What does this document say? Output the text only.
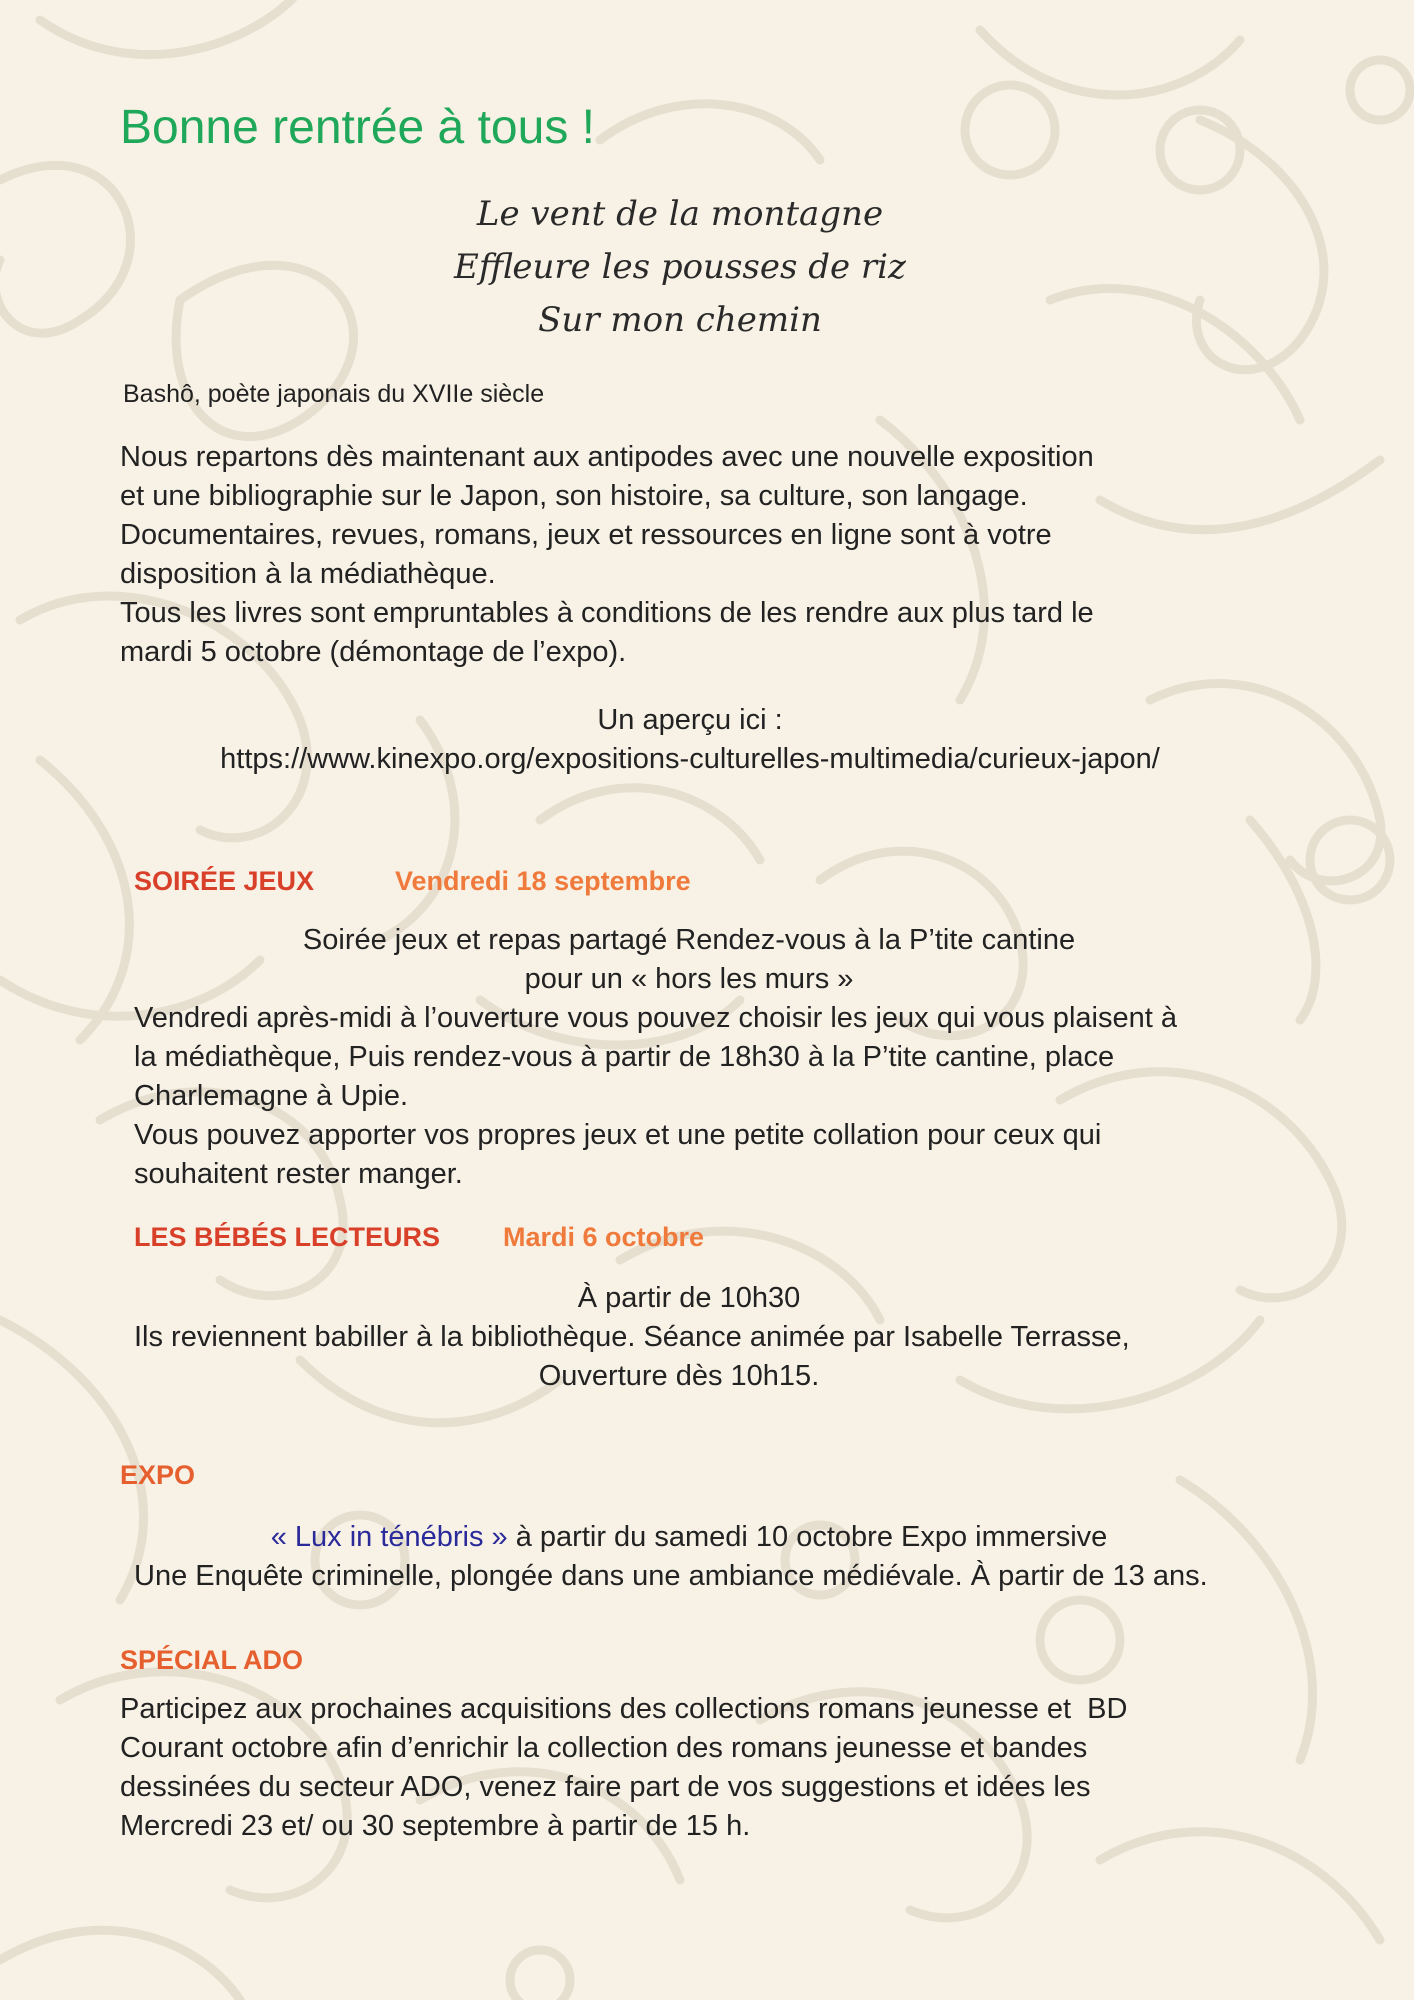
Bonne rentrée à tous !
Le vent de la montagne
Effleure les pousses de riz
Sur mon chemin

Bashô, poète japonais du XVIIe siècle

Nous repartons dès maintenant aux antipodes avec une nouvelle exposition
et une bibliographie sur le Japon, son histoire, sa culture, son langage.
Documentaires, revues, romans, jeux et ressources en ligne sont à votre
disposition à la médiathèque.
Tous les livres sont empruntables à conditions de les rendre aux plus tard le
mardi 5 octobre (démontage de l’expo).
Un aperçu ici :
https://www.kinexpo.org/expositions-culturelles-multimedia/curieux-japon/
SOIRÉE JEUX	Vendredi 18 septembre
Soirée jeux et repas partagé Rendez-vous à la P’tite cantine
pour un « hors les murs »
Vendredi après-midi à l’ouverture vous pouvez choisir les jeux qui vous plaisent à
la médiathèque, Puis rendez-vous à partir de 18h30 à la P’tite cantine, place
Charlemagne à Upie.
Vous pouvez apporter vos propres jeux et une petite collation pour ceux qui
souhaitent rester manger.
LES BÉBÉS LECTEURS Mardi 6 octobre
À partir de 10h30
Ils reviennent babiller à la bibliothèque. Séance animée par Isabelle Terrasse,
Ouverture dès 10h15.
EXPO
« Lux in ténébris » à partir du samedi 10 octobre Expo immersive
Une Enquête criminelle, plongée dans une ambiance médiévale. À partir de 13 ans.
SPÉCIAL ADO
Participez aux prochaines acquisitions des collections romans jeunesse et  BD
Courant octobre afin d’enrichir la collection des romans jeunesse et bandes
dessinées du secteur ADO, venez faire part de vos suggestions et idées les
Mercredi 23 et/ ou 30 septembre à partir de 15 h.
